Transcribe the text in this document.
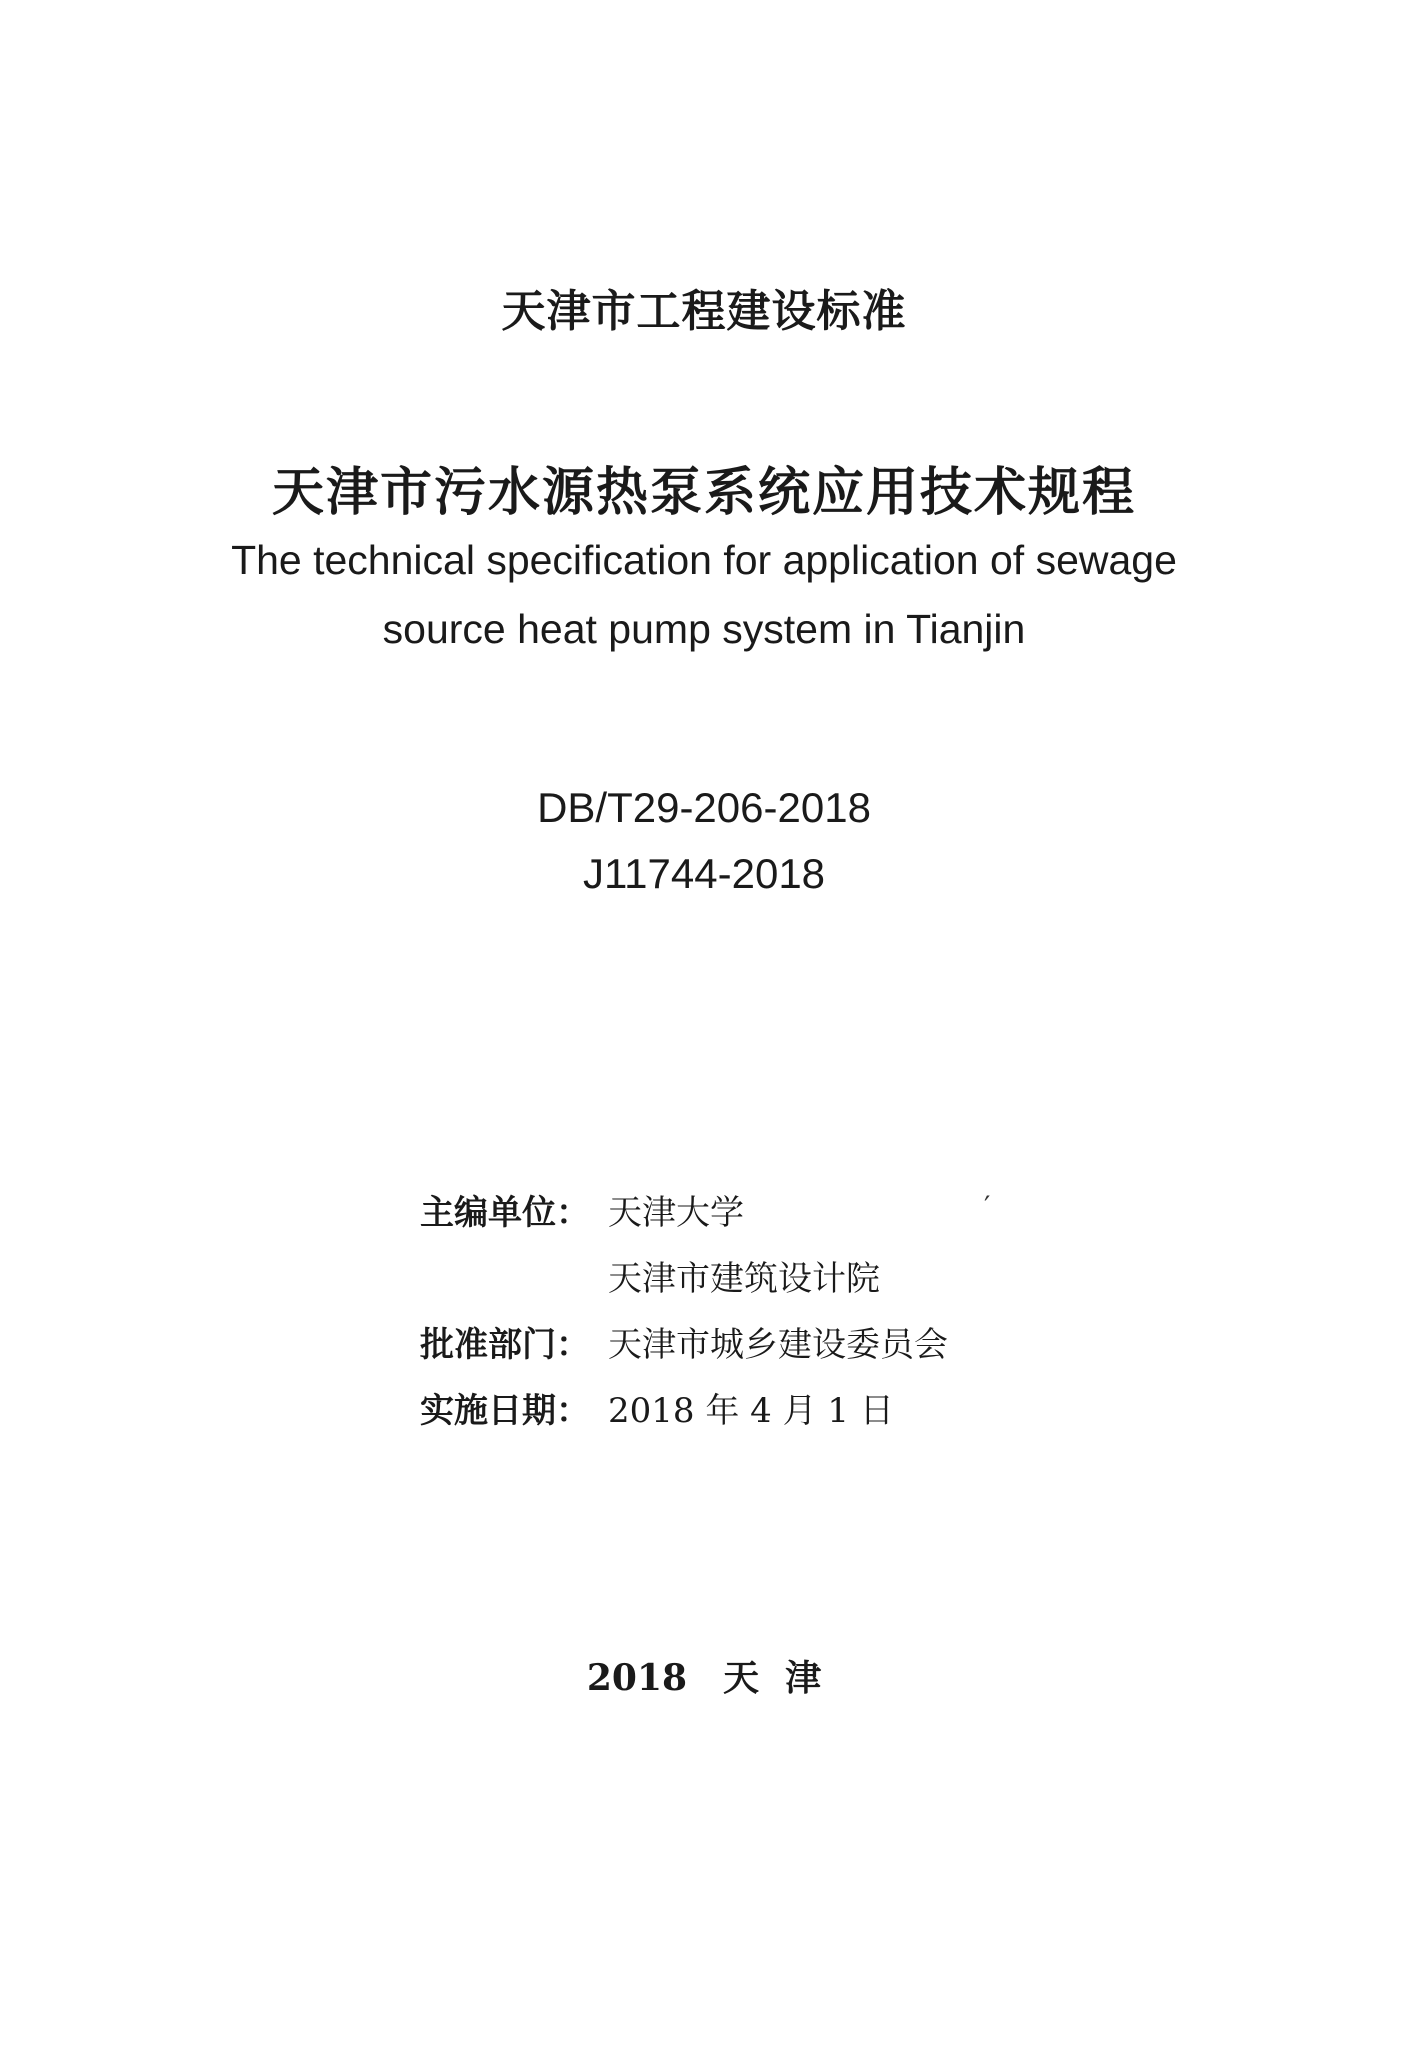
天津市工程建设标准
天津市污水源热泵系统应用技术规程
The technical specification for application of sewage
source heat pump system in Tianjin
DB/T29-206-2018
J11744-2018
′
主编单位： 天津大学
天津市建筑设计院
批准部门： 天津市城乡建设委员会
实施日期： 2018 年 4 月 1 日
2018 天 津
